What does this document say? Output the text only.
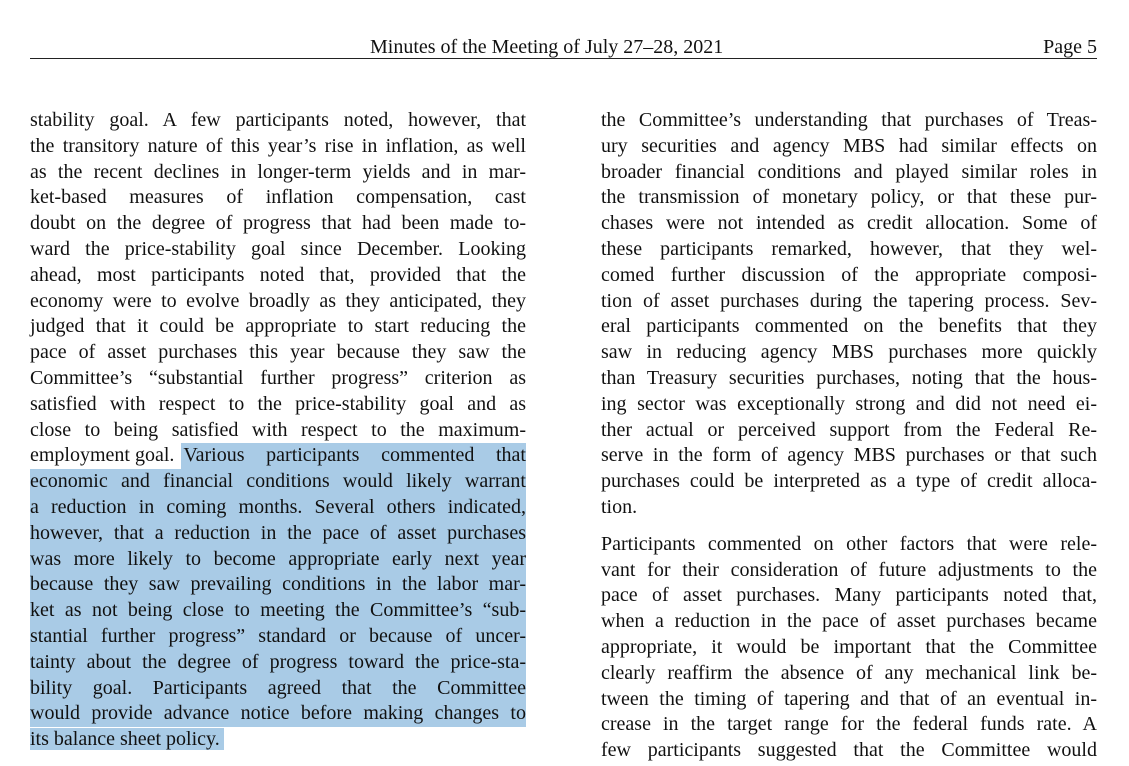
Minutes of the Meeting of July 27–28, 2021	Page 5
stability goal. A few participants noted, however, that
the transitory nature of this year’s rise in inflation, as well
as the recent declines in longer-term yields and in mar-
ket-based measures of inflation compensation, cast
doubt on the degree of progress that had been made to-
ward the price-stability goal since December. Looking
ahead, most participants noted that, provided that the
economy were to evolve broadly as they anticipated, they
judged that it could be appropriate to start reducing the
pace of asset purchases this year because they saw the
Committee’s “substantial further progress” criterion as
satisfied with respect to the price-stability goal and as
close to being satisfied with respect to the maximum-
employment goal. Various participants commented that
economic and financial conditions would likely warrant
a reduction in coming months. Several others indicated,
however, that a reduction in the pace of asset purchases
was more likely to become appropriate early next year
because they saw prevailing conditions in the labor mar-
ket as not being close to meeting the Committee’s “sub-
stantial further progress” standard or because of uncer-
tainty about the degree of progress toward the price-sta-
bility goal. Participants agreed that the Committee
would provide advance notice before making changes to
its balance sheet policy.
the Committee’s understanding that purchases of Treas-
ury securities and agency MBS had similar effects on
broader financial conditions and played similar roles in
the transmission of monetary policy, or that these pur-
chases were not intended as credit allocation. Some of
these participants remarked, however, that they wel-
comed further discussion of the appropriate composi-
tion of asset purchases during the tapering process. Sev-
eral participants commented on the benefits that they
saw in reducing agency MBS purchases more quickly
than Treasury securities purchases, noting that the hous-
ing sector was exceptionally strong and did not need ei-
ther actual or perceived support from the Federal Re-
serve in the form of agency MBS purchases or that such
purchases could be interpreted as a type of credit alloca-
tion.
Participants commented on other factors that were rele-
vant for their consideration of future adjustments to the
pace of asset purchases. Many participants noted that,
when a reduction in the pace of asset purchases became
appropriate, it would be important that the Committee
clearly reaffirm the absence of any mechanical link be-
tween the timing of tapering and that of an eventual in-
crease in the target range for the federal funds rate. A
few participants suggested that the Committee would
